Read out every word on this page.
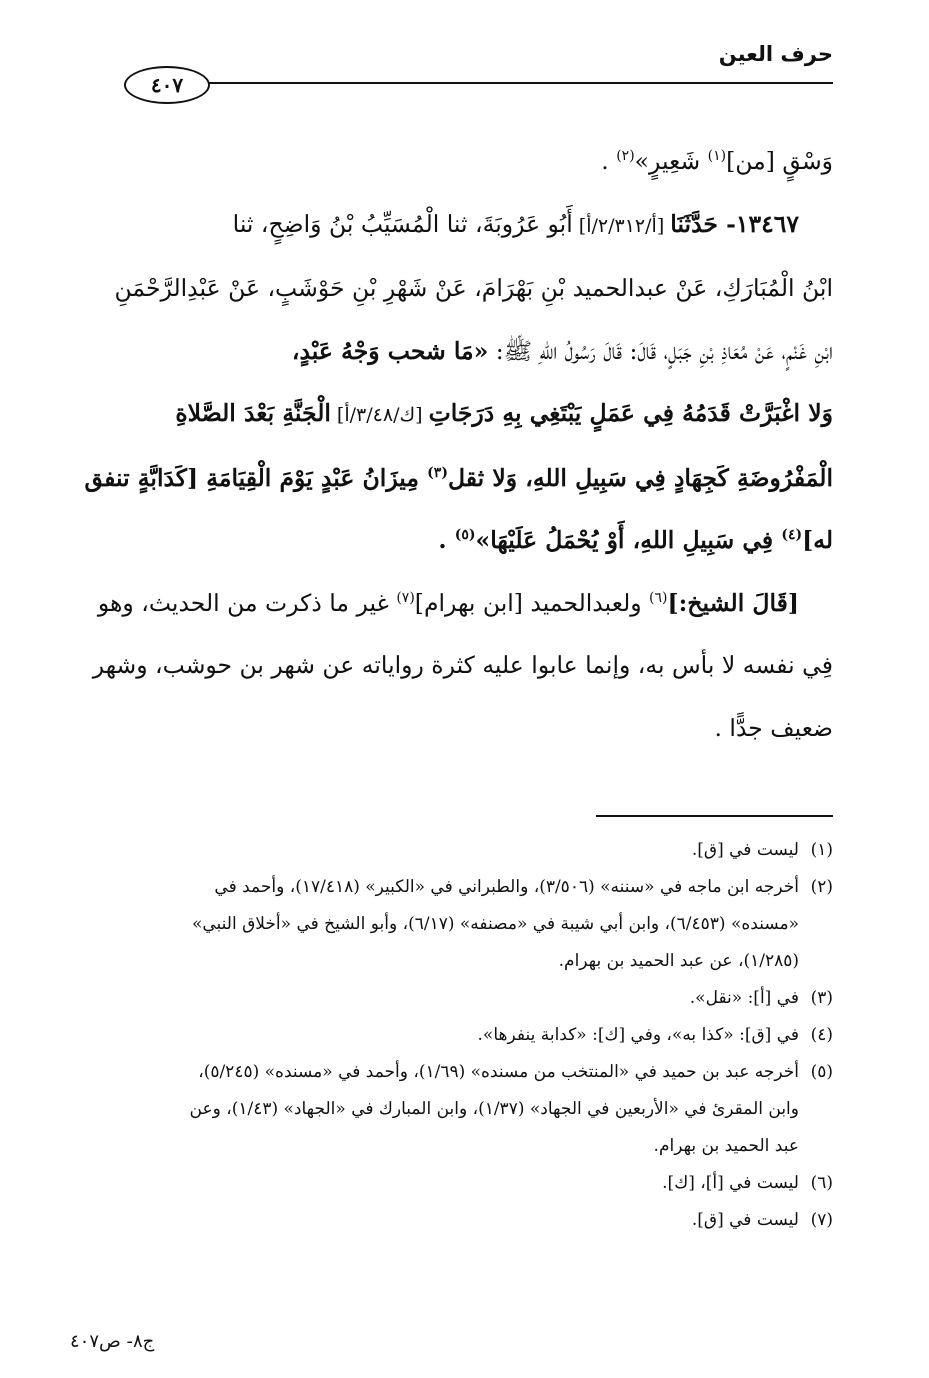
حرف العين
٤٠٧

وَسْقٍ [من]$^{(١)}$ شَعِيرٍ»$^{(٢)}$ .

١٣٤٦٧- حَدَّثَنَا [أ/٢/٣١٢/أ] أَبُو عَرُوبَةَ، ثنا الْمُسَيِّبُ بْنُ وَاضِحٍ، ثنا
ابْنُ الْمُبَارَكِ، عَنْ عبدالحميد بْنِ بَهْرَامَ، عَنْ شَهْرِ بْنِ حَوْشَبٍ، عَنْ عَبْدِالرَّحْمَنِ
ابْنِ غَنْمٍ، عَنْ مُعَاذِ بْنِ جَبَلٍ، قَالَ: قَالَ رَسُولُ اللهِ ﷺ: «مَا شحب وَجْهُ عَبْدٍ،
وَلا اغْبَرَّتْ قَدَمُهُ فِي عَمَلٍ يَبْتَغِي بِهِ دَرَجَاتِ [ك/٣/٤٨/أ] الْجَنَّةِ بَعْدَ الصَّلاةِ
الْمَفْرُوضَةِ كَجِهَادٍ فِي سَبِيلِ اللهِ، وَلا ثقل$^{(٣)}$ مِيزَانُ عَبْدٍ يَوْمَ الْقِيَامَةِ [كَدَابَّةٍ تنفق
له]$^{(٤)}$ فِي سَبِيلِ اللهِ، أَوْ يُحْمَلُ عَلَيْهَا»$^{(٥)}$ .

[قَالَ الشيخ:]$^{(٦)}$ ولعبدالحميد [ابن بهرام]$^{(٧)}$ غير ما ذكرت من الحديث، وهو
فِي نفسه لا بأس به، وإنما عابوا عليه كثرة رواياته عن شهر بن حوشب، وشهر
ضعيف جدًّا .

(١)ليست في [ق].

(٢)أخرجه ابن ماجه في «سننه» (٣/٥٠٦)، والطبراني في «الكبير» (١٧/٤١٨)، وأحمد في

«مسنده» (٦/٤٥٣)، وابن أبي شيبة في «مصنفه» (٦/١٧)، وأبو الشيخ في «أخلاق النبي»

(١/٢٨٥)، عن عبد الحميد بن بهرام.

(٣)في [أ]: «نقل».

(٤)في [ق]: «كذا به»، وفي [ك]: «كدابة ينفرها».

(٥)أخرجه عبد بن حميد في «المنتخب من مسنده» (١/٦٩)، وأحمد في «مسنده» (٥/٢٤٥)،

وابن المقرئ في «الأربعين في الجهاد» (١/٣٧)، وابن المبارك في «الجهاد» (١/٤٣)، وعن

عبد الحميد بن بهرام.

(٦)ليست في [أ]، [ك].

(٧)ليست في [ق].

ج٨- ص٤٠٧
